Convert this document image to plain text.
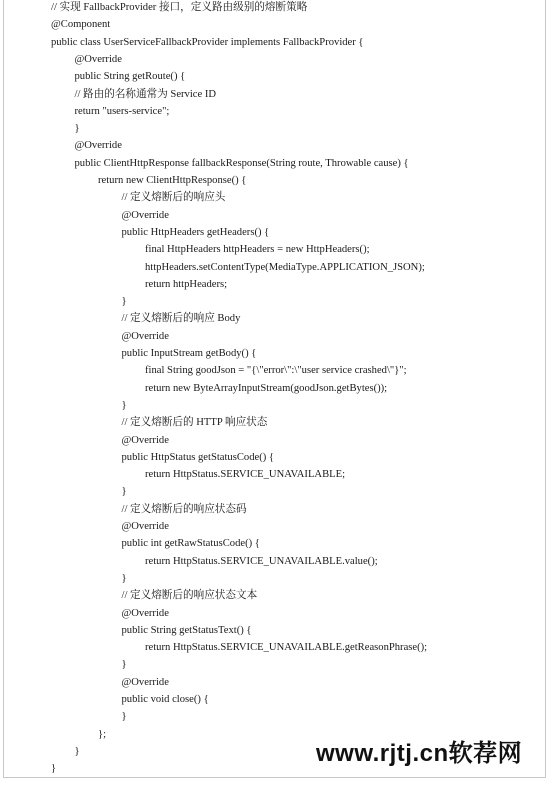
// 实现 FallbackProvider 接口，定义路由级别的熔断策略
@Component
public class UserServiceFallbackProvider implements FallbackProvider {
@Override
public String getRoute() {
// 路由的名称通常为 Service ID
return "users-service";
}
@Override
public ClientHttpResponse fallbackResponse(String route, Throwable cause) {
return new ClientHttpResponse() {
// 定义熔断后的响应头
@Override
public HttpHeaders getHeaders() {
final HttpHeaders httpHeaders = new HttpHeaders();
httpHeaders.setContentType(MediaType.APPLICATION_JSON);
return httpHeaders;
}
// 定义熔断后的响应 Body
@Override
public InputStream getBody() {
final String goodJson = "{\"error\":\"user service crashed\"}";
return new ByteArrayInputStream(goodJson.getBytes());
}
// 定义熔断后的 HTTP 响应状态
@Override
public HttpStatus getStatusCode() {
return HttpStatus.SERVICE_UNAVAILABLE;
}
// 定义熔断后的响应状态码
@Override
public int getRawStatusCode() {
return HttpStatus.SERVICE_UNAVAILABLE.value();
}
// 定义熔断后的响应状态文本
@Override
public String getStatusText() {
return HttpStatus.SERVICE_UNAVAILABLE.getReasonPhrase();
}
@Override
public void close() {
}
};
}
}
www.rjtj.cn软荐网
